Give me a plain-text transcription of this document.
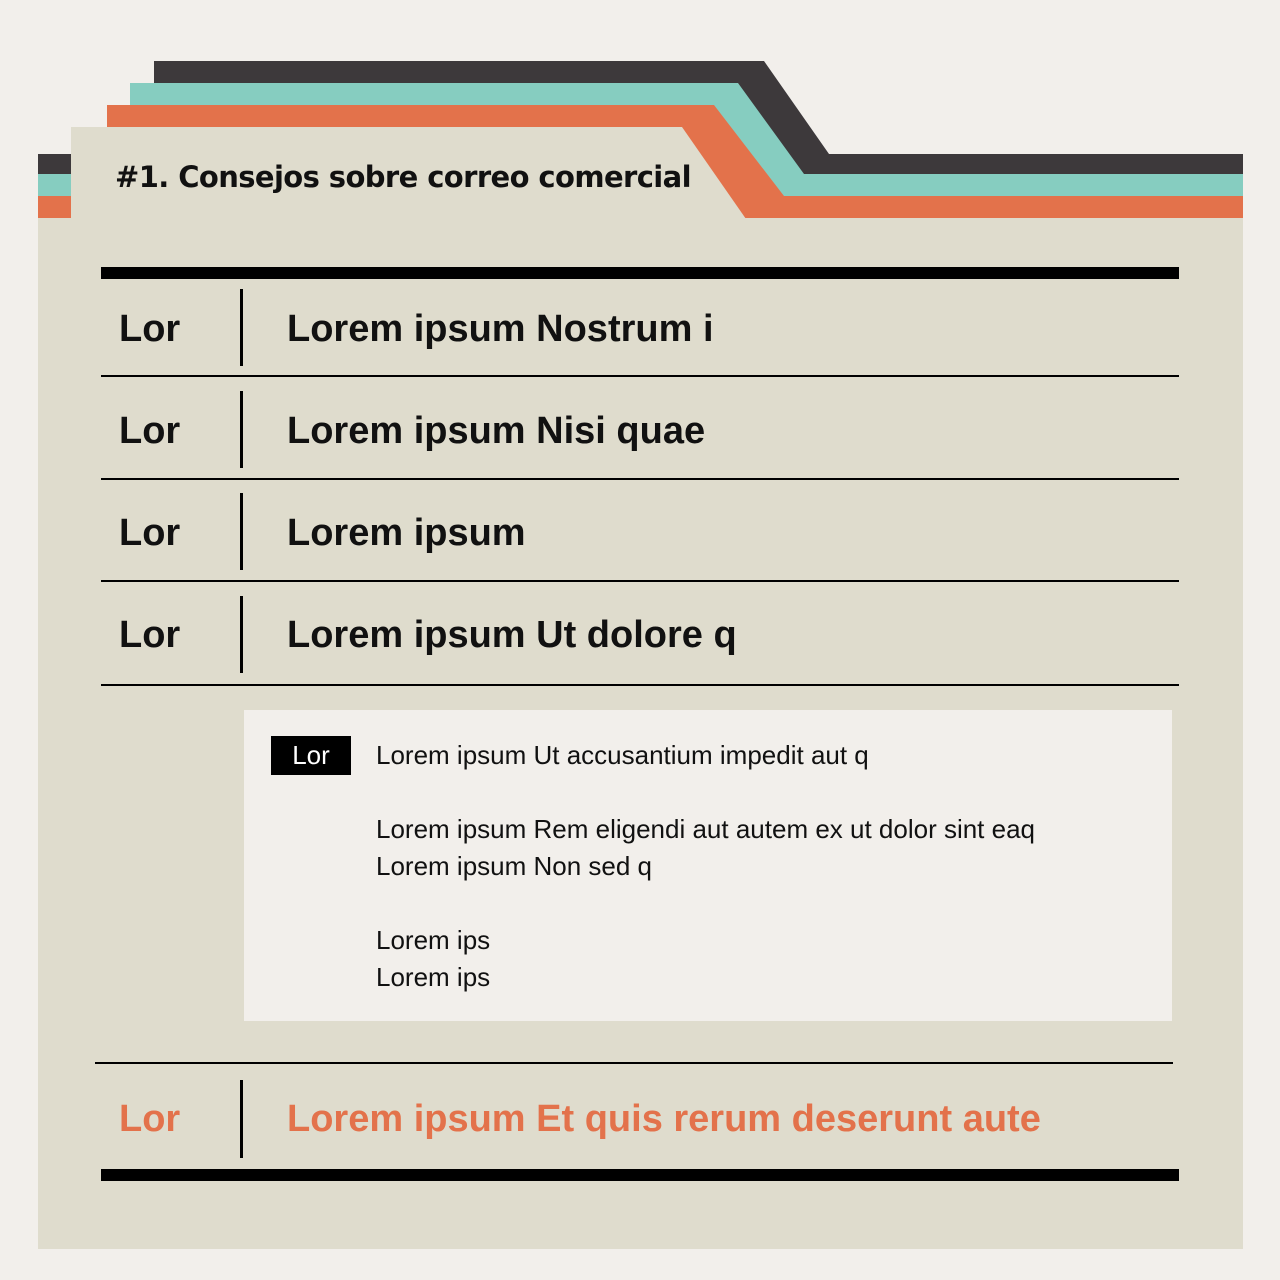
#1. Consejos sobre correo comercial
Lor	Lorem ipsum Nostrum i
Lor	Lorem ipsum Nisi quae
Lor	Lorem ipsum
Lor	Lorem ipsum Ut dolore q
Lor	Lorem ipsum Ut accusantium impedit aut q
Lorem ipsum Rem eligendi aut autem ex ut dolor sint eaq
Lorem ipsum Non sed q
Lorem ips
Lorem ips
Lor	Lorem ipsum Et quis rerum deserunt aute
